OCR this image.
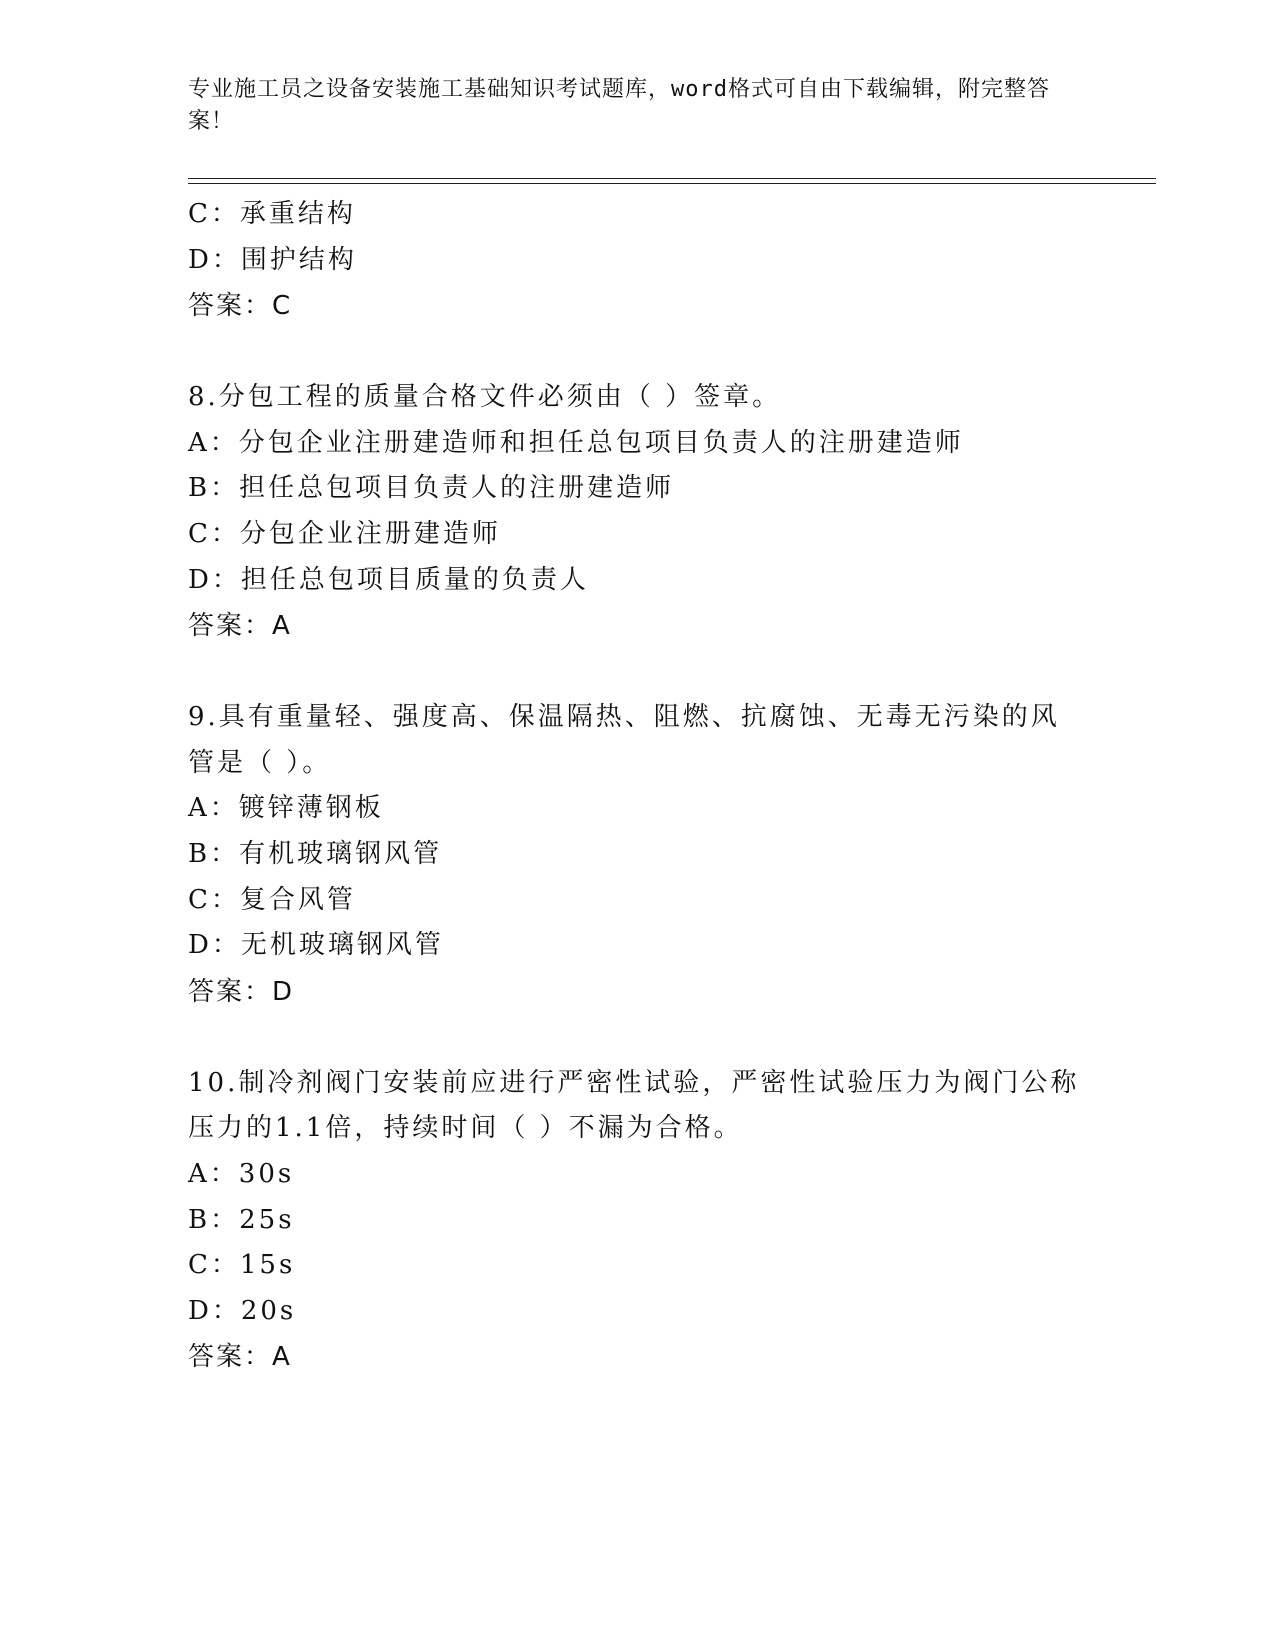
专业施工员之设备安装施工基础知识考试题库，word格式可自由下载编辑，附完整答案！
C：承重结构
D：围护结构
答案：C
8.分包工程的质量合格文件必须由（ ）签章。
A：分包企业注册建造师和担任总包项目负责人的注册建造师
B：担任总包项目负责人的注册建造师
C：分包企业注册建造师
D：担任总包项目质量的负责人
答案：A
9.具有重量轻、强度高、保温隔热、阻燃、抗腐蚀、无毒无污染的风管是（ ）。
A：镀锌薄钢板
B：有机玻璃钢风管
C：复合风管
D：无机玻璃钢风管
答案：D
10.制冷剂阀门安装前应进行严密性试验，严密性试验压力为阀门公称压力的1.1倍，持续时间（ ）不漏为合格。
A：30s
B：25s
C：15s
D：20s
答案：A
